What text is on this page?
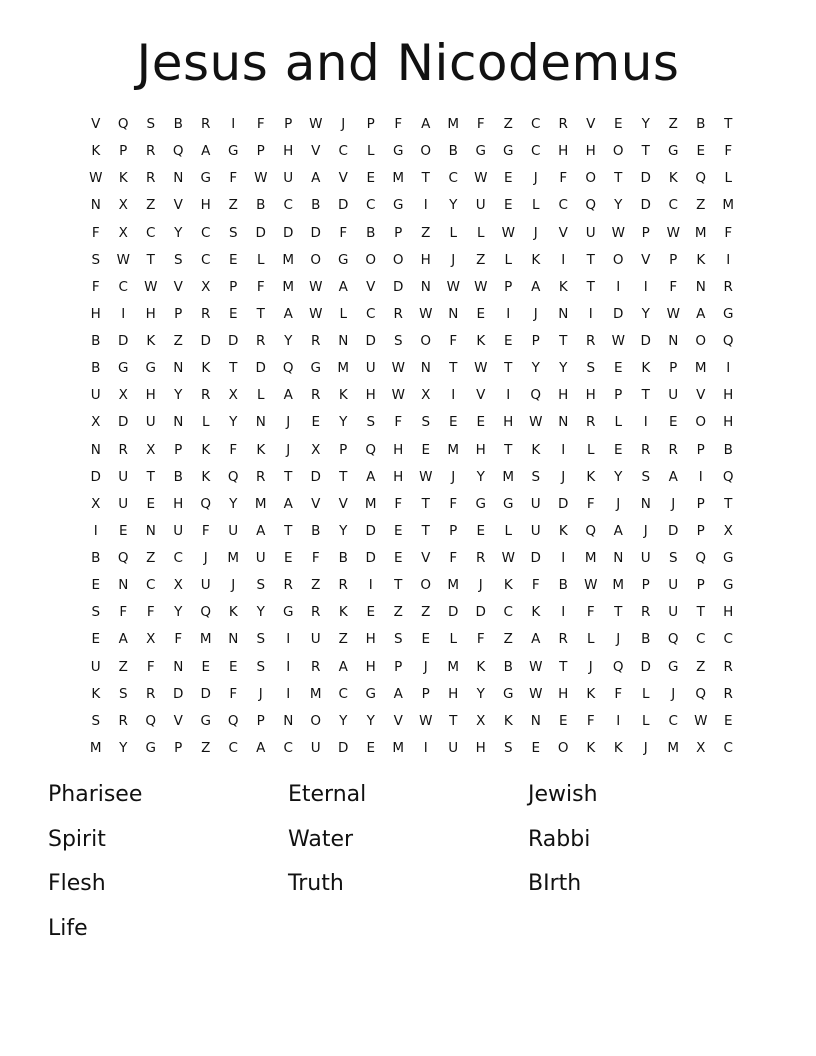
Jesus and Nicodemus
V	Q	S	B	R	I	F	P	W	J	P	F	A	M	F	Z	C	R	V	E	Y	Z	B	T
K	P	R	Q	A	G	P	H	V	C	L	G	O	B	G	G	C	H	H	O	T	G	E	F
W	K	R	N	G	F	W	U	A	V	E	M	T	C	W	E	J	F	O	T	D	K	Q	L
N	X	Z	V	H	Z	B	C	B	D	C	G	I	Y	U	E	L	C	Q	Y	D	C	Z	M
F	X	C	Y	C	S	D	D	D	F	B	P	Z	L	L	W	J	V	U	W	P	W	M	F
S	W	T	S	C	E	L	M	O	G	O	O	H	J	Z	L	K	I	T	O	V	P	K	I
F	C	W	V	X	P	F	M	W	A	V	D	N	W	W	P	A	K	T	I	I	F	N	R
H	I	H	P	R	E	T	A	W	L	C	R	W	N	E	I	J	N	I	D	Y	W	A	G
B	D	K	Z	D	D	R	Y	R	N	D	S	O	F	K	E	P	T	R	W	D	N	O	Q
B	G	G	N	K	T	D	Q	G	M	U	W	N	T	W	T	Y	Y	S	E	K	P	M	I
U	X	H	Y	R	X	L	A	R	K	H	W	X	I	V	I	Q	H	H	P	T	U	V	H
X	D	U	N	L	Y	N	J	E	Y	S	F	S	E	E	H	W	N	R	L	I	E	O	H
N	R	X	P	K	F	K	J	X	P	Q	H	E	M	H	T	K	I	L	E	R	R	P	B
D	U	T	B	K	Q	R	T	D	T	A	H	W	J	Y	M	S	J	K	Y	S	A	I	Q
X	U	E	H	Q	Y	M	A	V	V	M	F	T	F	G	G	U	D	F	J	N	J	P	T
I	E	N	U	F	U	A	T	B	Y	D	E	T	P	E	L	U	K	Q	A	J	D	P	X
B	Q	Z	C	J	M	U	E	F	B	D	E	V	F	R	W	D	I	M	N	U	S	Q	G
E	N	C	X	U	J	S	R	Z	R	I	T	O	M	J	K	F	B	W	M	P	U	P	G
S	F	F	Y	Q	K	Y	G	R	K	E	Z	Z	D	D	C	K	I	F	T	R	U	T	H
E	A	X	F	M	N	S	I	U	Z	H	S	E	L	F	Z	A	R	L	J	B	Q	C	C
U	Z	F	N	E	E	S	I	R	A	H	P	J	M	K	B	W	T	J	Q	D	G	Z	R
K	S	R	D	D	F	J	I	M	C	G	A	P	H	Y	G	W	H	K	F	L	J	Q	R
S	R	Q	V	G	Q	P	N	O	Y	Y	V	W	T	X	K	N	E	F	I	L	C	W	E
M	Y	G	P	Z	C	A	C	U	D	E	M	I	U	H	S	E	O	K	K	J	M	X	C
Pharisee	Eternal	Jewish
Spirit	Water	Rabbi
Flesh	Truth	BIrth
Life
